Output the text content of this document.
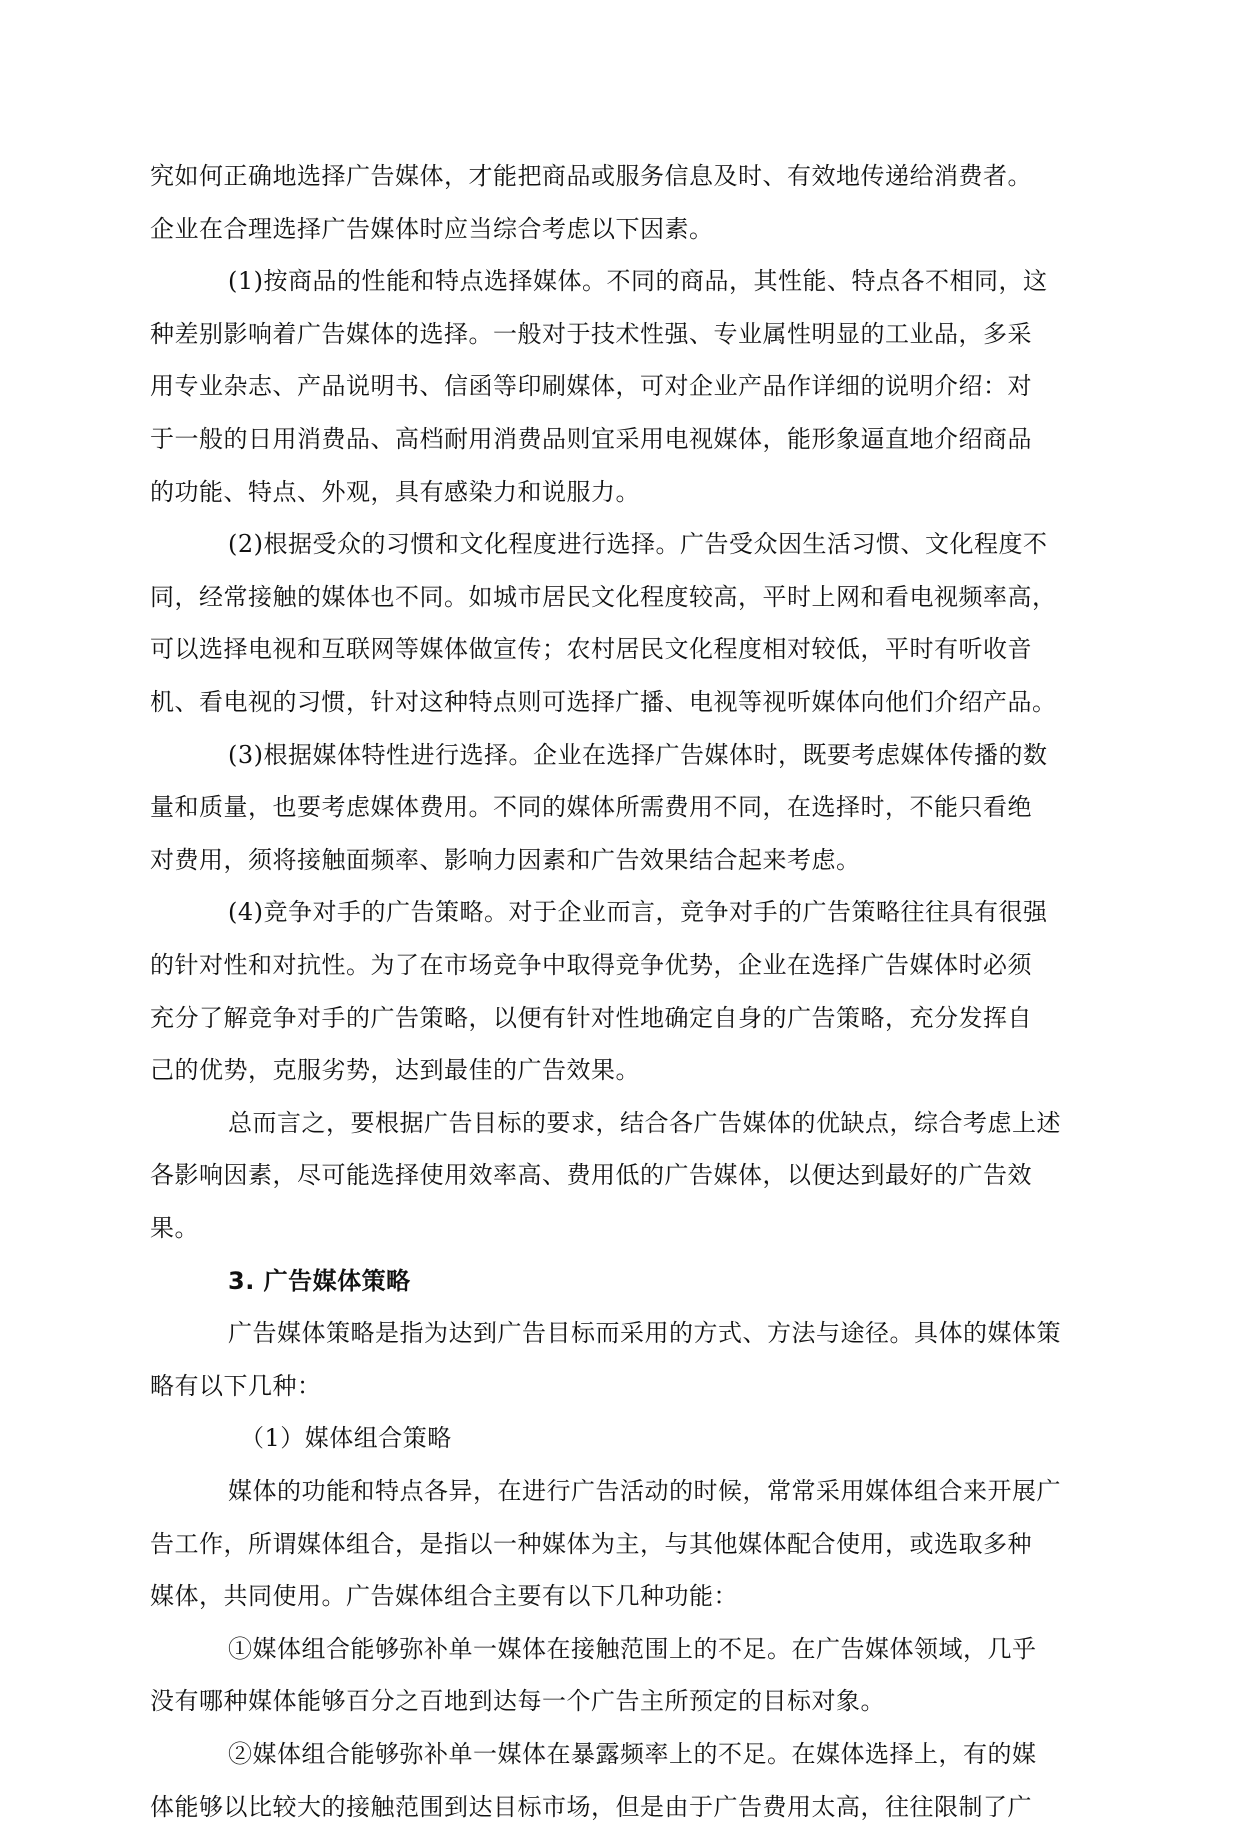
究如何正确地选择广告媒体，才能把商品或服务信息及时、有效地传递给消费者。
企业在合理选择广告媒体时应当综合考虑以下因素。
(1)按商品的性能和特点选择媒体。不同的商品，其性能、特点各不相同，这
种差别影响着广告媒体的选择。一般对于技术性强、专业属性明显的工业品，多采
用专业杂志、产品说明书、信函等印刷媒体，可对企业产品作详细的说明介绍：对
于一般的日用消费品、高档耐用消费品则宜采用电视媒体，能形象逼直地介绍商品
的功能、特点、外观，具有感染力和说服力。
(2)根据受众的习惯和文化程度进行选择。广告受众因生活习惯、文化程度不
同，经常接触的媒体也不同。如城市居民文化程度较高，平时上网和看电视频率高，
可以选择电视和互联网等媒体做宣传；农村居民文化程度相对较低，平时有听收音
机、看电视的习惯，针对这种特点则可选择广播、电视等视听媒体向他们介绍产品。
(3)根据媒体特性进行选择。企业在选择广告媒体时，既要考虑媒体传播的数
量和质量，也要考虑媒体费用。不同的媒体所需费用不同，在选择时，不能只看绝
对费用，须将接触面频率、影响力因素和广告效果结合起来考虑。
(4)竞争对手的广告策略。对于企业而言，竞争对手的广告策略往往具有很强
的针对性和对抗性。为了在市场竞争中取得竞争优势，企业在选择广告媒体时必须
充分了解竞争对手的广告策略，以便有针对性地确定自身的广告策略，充分发挥自
己的优势，克服劣势，达到最佳的广告效果。
总而言之，要根据广告目标的要求，结合各广告媒体的优缺点，综合考虑上述
各影响因素，尽可能选择使用效率高、费用低的广告媒体，以便达到最好的广告效
果。
3. 广告媒体策略
广告媒体策略是指为达到广告目标而采用的方式、方法与途径。具体的媒体策
略有以下几种：
（1）媒体组合策略
媒体的功能和特点各异，在进行广告活动的时候，常常采用媒体组合来开展广
告工作，所谓媒体组合，是指以一种媒体为主，与其他媒体配合使用，或选取多种
媒体，共同使用。广告媒体组合主要有以下几种功能：
①媒体组合能够弥补单一媒体在接触范围上的不足。在广告媒体领域，几乎
没有哪种媒体能够百分之百地到达每一个广告主所预定的目标对象。
②媒体组合能够弥补单一媒体在暴露频率上的不足。在媒体选择上，有的媒
体能够以比较大的接触范围到达目标市场，但是由于广告费用太高，往往限制了广
